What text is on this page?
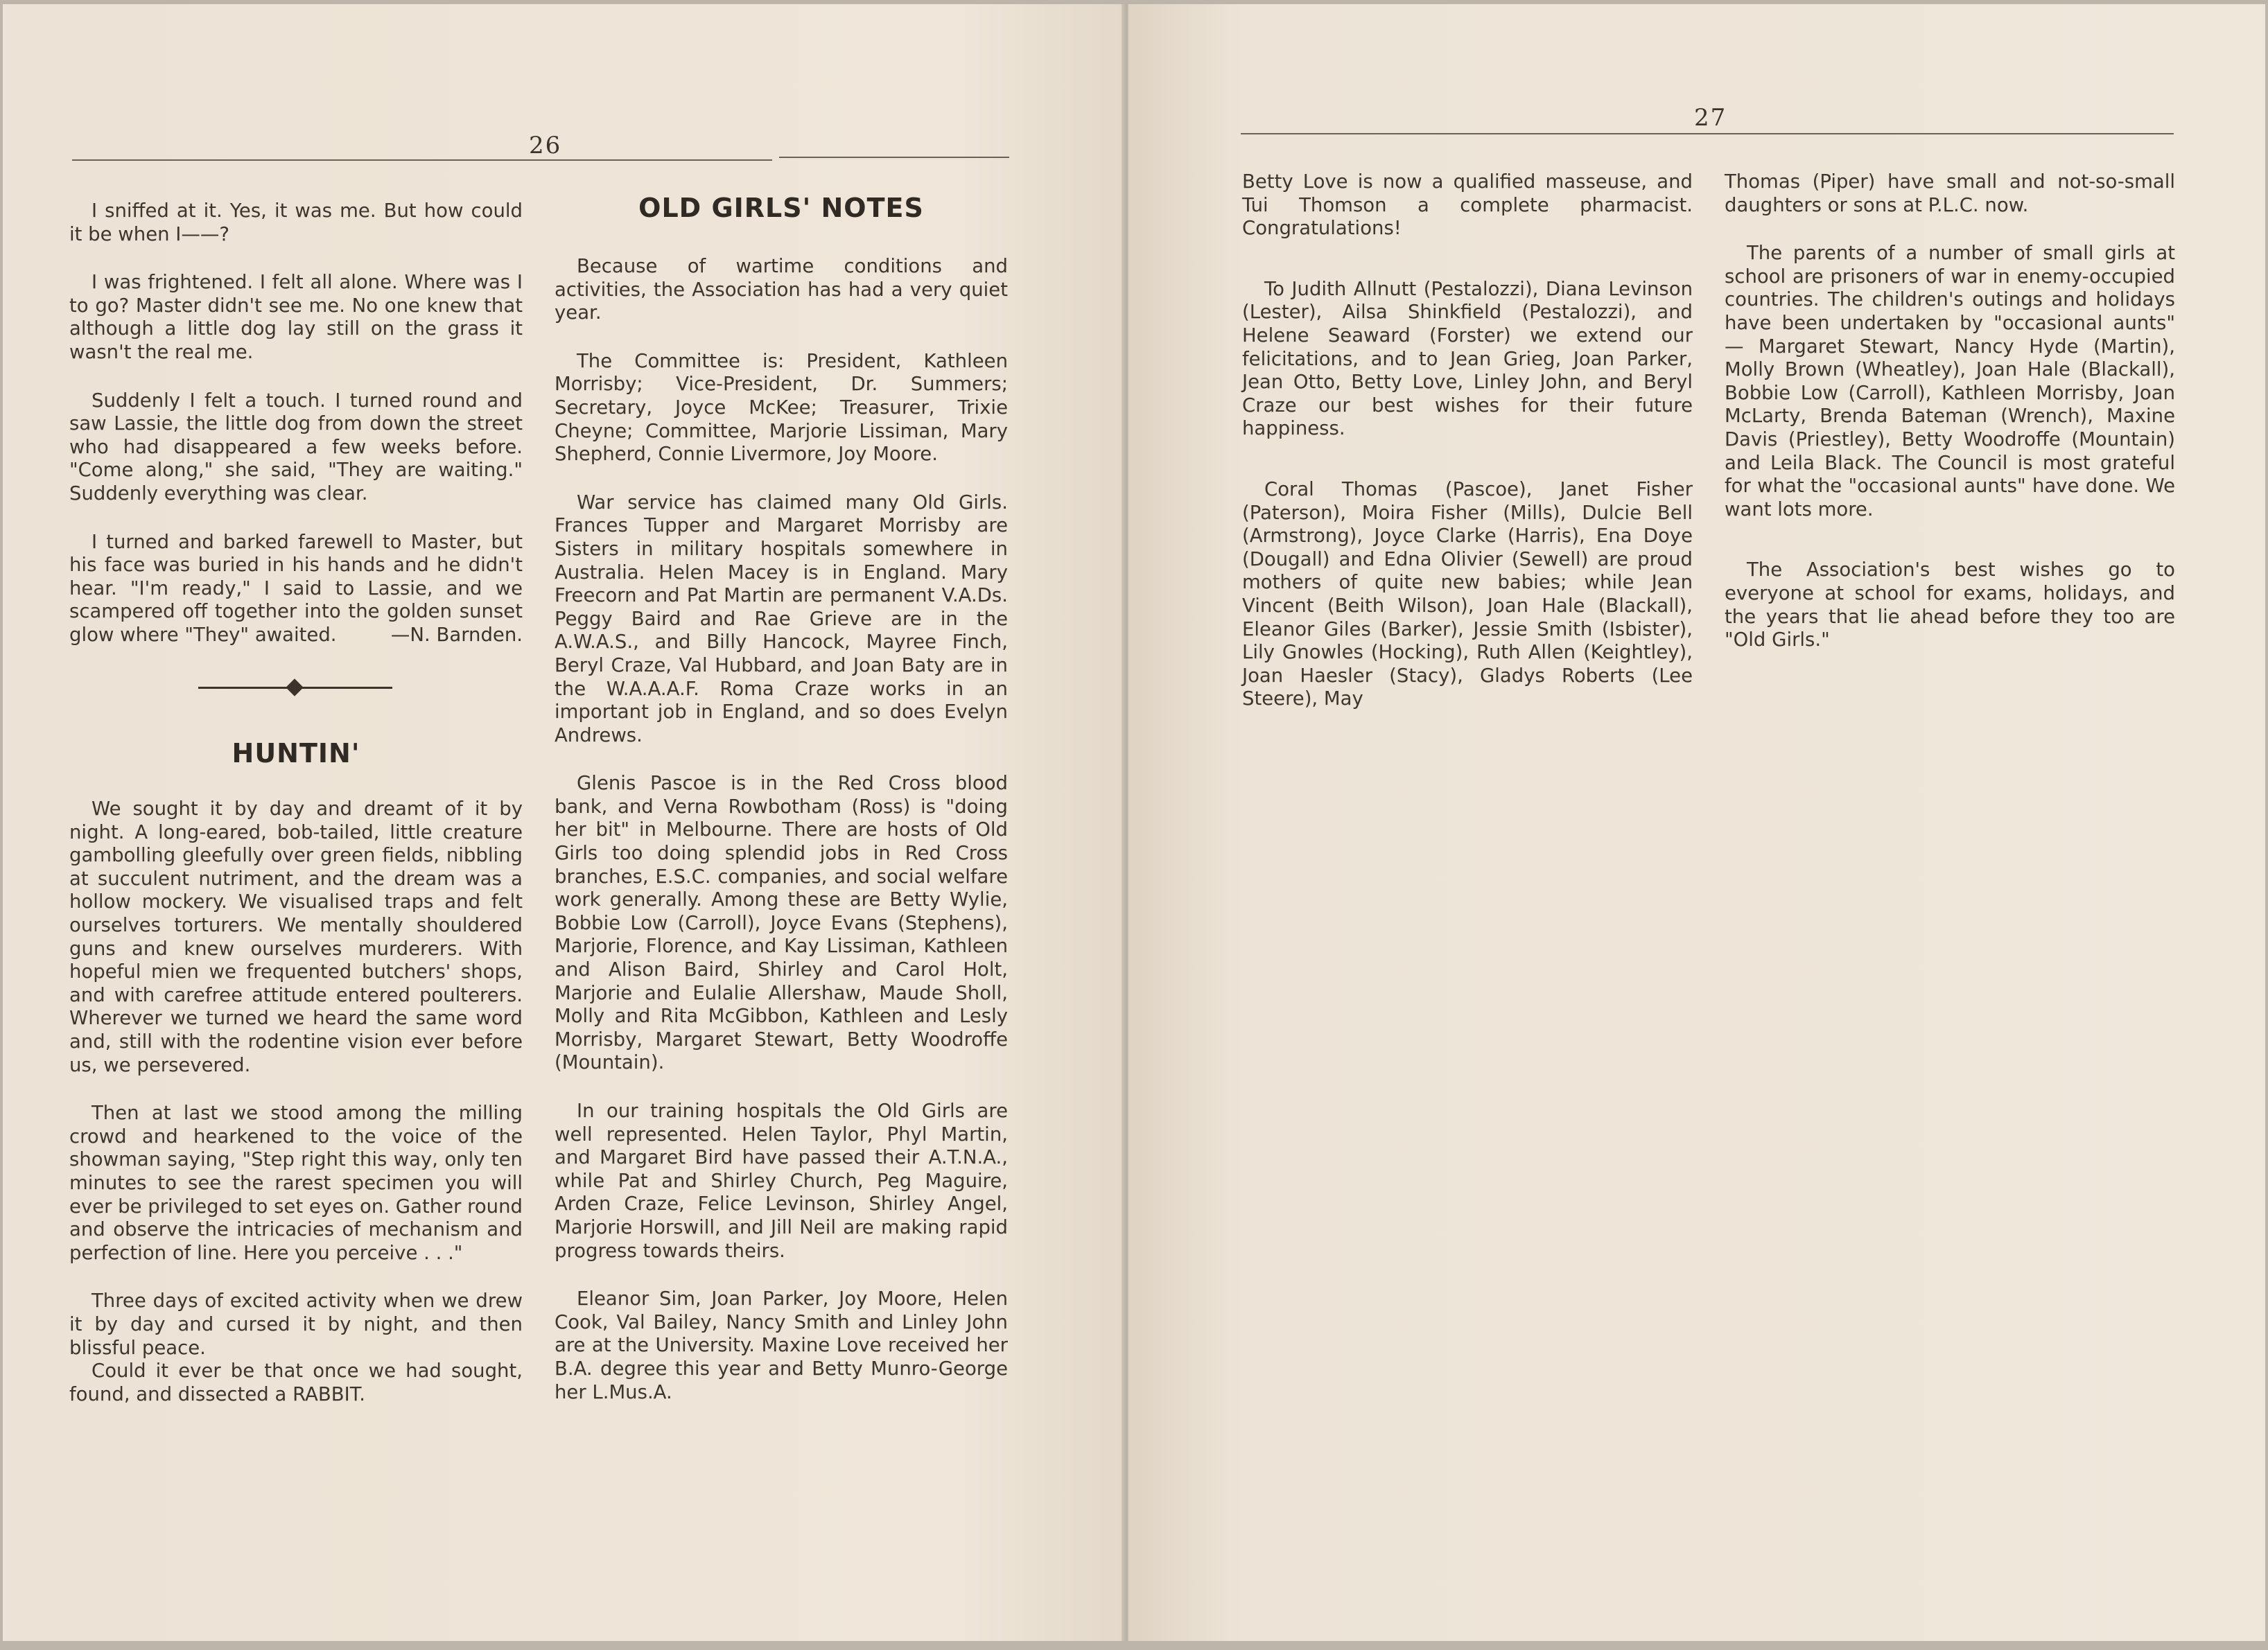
26

I sniffed at it. Yes, it was me. But how could it be when I——?

I was frightened. I felt all alone. Where was I to go? Master didn't see me. No one knew that although a little dog lay still on the grass it wasn't the real me.

Suddenly I felt a touch. I turned round and saw Lassie, the little dog from down the street who had disappeared a few weeks before. "Come along," she said, "They are waiting." Suddenly everything was clear.

I turned and barked farewell to Master, but his face was buried in his hands and he didn't hear. "I'm ready," I said to Lassie, and we scampered off together into the golden sunset glow where "They" awaited.	—N. Barnden.
HUNTIN'

We sought it by day and dreamt of it by night. A long-eared, bob-tailed, little creature gambolling gleefully over green fields, nibbling at succulent nutriment, and the dream was a hollow mockery. We visualised traps and felt ourselves torturers. We mentally shouldered guns and knew ourselves murderers. With hopeful mien we frequented butchers' shops, and with carefree attitude entered poulterers. Wherever we turned we heard the same word and, still with the rodentine vision ever before us, we persevered.

Then at last we stood among the milling crowd and hearkened to the voice of the showman saying, "Step right this way, only ten minutes to see the rarest specimen you will ever be privileged to set eyes on. Gather round and observe the intricacies of mechanism and perfection of line. Here you perceive . . ."

Three days of excited activity when we drew it by day and cursed it by night, and then blissful peace.

Could it ever be that once we had sought, found, and dissected a RABBIT.

OLD GIRLS' NOTES

Because of wartime conditions and activities, the Association has had a very quiet year.

The Committee is: President, Kathleen Morrisby; Vice-President, Dr. Summers; Secretary, Joyce McKee; Treasurer, Trixie Cheyne; Committee, Marjorie Lissiman, Mary Shepherd, Connie Livermore, Joy Moore.

War service has claimed many Old Girls. Frances Tupper and Margaret Morrisby are Sisters in military hospitals somewhere in Australia. Helen Macey is in England. Mary Freecorn and Pat Martin are permanent V.A.Ds. Peggy Baird and Rae Grieve are in the A.W.A.S., and Billy Hancock, Mayree Finch, Beryl Craze, Val Hubbard, and Joan Baty are in the W.A.A.A.F. Roma Craze works in an important job in England, and so does Evelyn Andrews.

Glenis Pascoe is in the Red Cross blood bank, and Verna Rowbotham (Ross) is "doing her bit" in Melbourne. There are hosts of Old Girls too doing splendid jobs in Red Cross branches, E.S.C. companies, and social welfare work generally. Among these are Betty Wylie, Bobbie Low (Carroll), Joyce Evans (Stephens), Marjorie, Florence, and Kay Lissiman, Kathleen and Alison Baird, Shirley and Carol Holt, Marjorie and Eulalie Allershaw, Maude Sholl, Molly and Rita McGibbon, Kathleen and Lesly Morrisby, Margaret Stewart, Betty Woodroffe (Mountain).

In our training hospitals the Old Girls are well represented. Helen Taylor, Phyl Martin, and Margaret Bird have passed their A.T.N.A., while Pat and Shirley Church, Peg Maguire, Arden Craze, Felice Levinson, Shirley Angel, Marjorie Horswill, and Jill Neil are making rapid progress towards theirs.

Eleanor Sim, Joan Parker, Joy Moore, Helen Cook, Val Bailey, Nancy Smith and Linley John are at the University. Maxine Love received her B.A. degree this year and Betty Munro-George her L.Mus.A.

27

Betty Love is now a qualified masseuse, and Tui Thomson a complete pharmacist. Congratulations!

To Judith Allnutt (Pestalozzi), Diana Levinson (Lester), Ailsa Shinkfield (Pestalozzi), and Helene Seaward (Forster) we extend our felicitations, and to Jean Grieg, Joan Parker, Jean Otto, Betty Love, Linley John, and Beryl Craze our best wishes for their future happiness.

Coral Thomas (Pascoe), Janet Fisher (Paterson), Moira Fisher (Mills), Dulcie Bell (Armstrong), Joyce Clarke (Harris), Ena Doye (Dougall) and Edna Olivier (Sewell) are proud mothers of quite new babies; while Jean Vincent (Beith Wilson), Joan Hale (Blackall), Eleanor Giles (Barker), Jessie Smith (Isbister), Lily Gnowles (Hocking), Ruth Allen (Keightley), Joan Haesler (Stacy), Gladys Roberts (Lee Steere), May

Thomas (Piper) have small and not-so-small daughters or sons at P.L.C. now.

The parents of a number of small girls at school are prisoners of war in enemy-occupied countries. The children's outings and holidays have been undertaken by "occasional aunts" — Margaret Stewart, Nancy Hyde (Martin), Molly Brown (Wheatley), Joan Hale (Blackall), Bobbie Low (Carroll), Kathleen Morrisby, Joan McLarty, Brenda Bateman (Wrench), Maxine Davis (Priestley), Betty Woodroffe (Mountain) and Leila Black. The Council is most grateful for what the "occasional aunts" have done. We want lots more.

The Association's best wishes go to everyone at school for exams, holidays, and the years that lie ahead before they too are "Old Girls."
